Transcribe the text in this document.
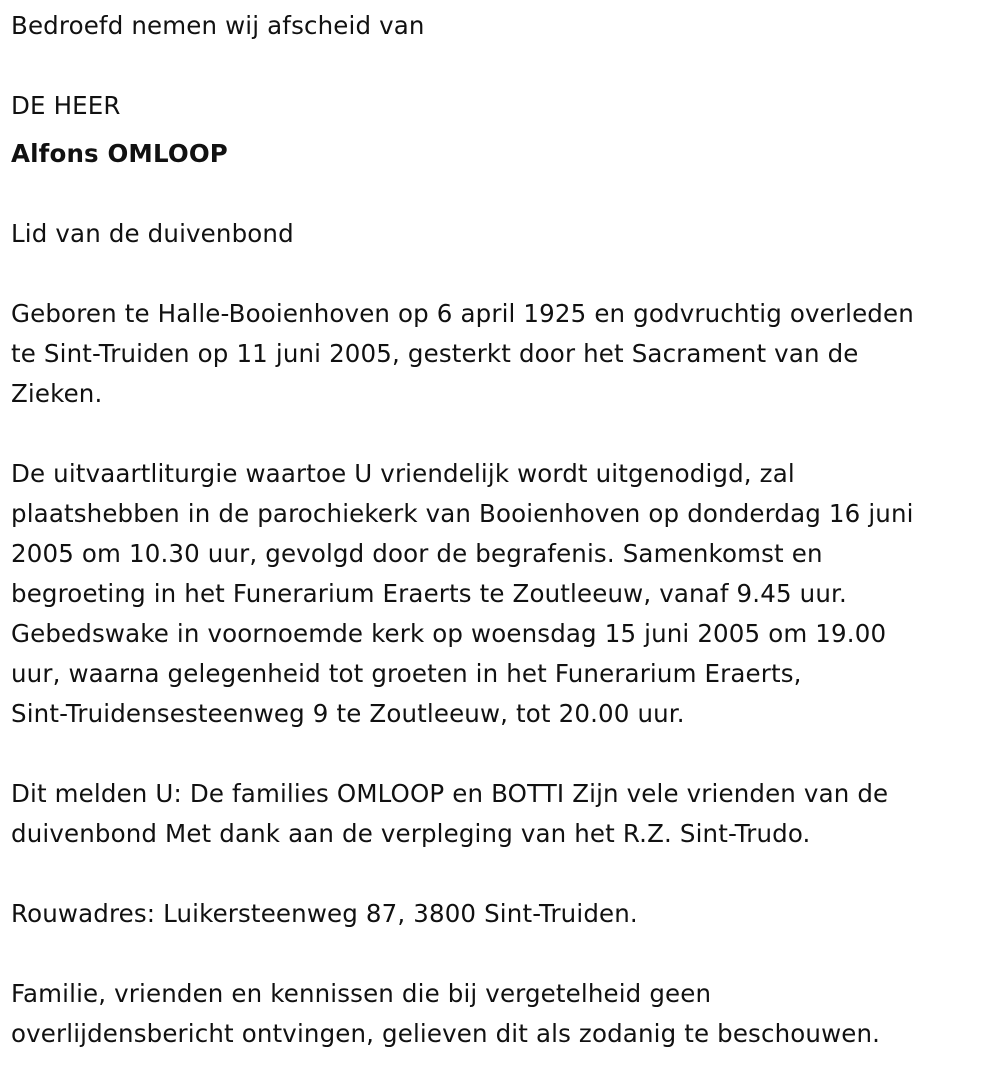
Bedroefd nemen wij afscheid van

DE HEER

Alfons OMLOOP

Lid van de duivenbond

Geboren te Halle-Booienhoven op 6 april 1925 en godvruchtig overleden
te Sint-Truiden op 11 juni 2005, gesterkt door het Sacrament van de
Zieken.

De uitvaartliturgie waartoe U vriendelijk wordt uitgenodigd, zal
plaatshebben in de parochiekerk van Booienhoven op donderdag 16 juni
2005 om 10.30 uur, gevolgd door de begrafenis. Samenkomst en
begroeting in het Funerarium Eraerts te Zoutleeuw, vanaf 9.45 uur.
Gebedswake in voornoemde kerk op woensdag 15 juni 2005 om 19.00
uur, waarna gelegenheid tot groeten in het Funerarium Eraerts,
Sint-Truidensesteenweg 9 te Zoutleeuw, tot 20.00 uur.

Dit melden U: De families OMLOOP en BOTTI Zijn vele vrienden van de
duivenbond Met dank aan de verpleging van het R.Z. Sint-Trudo.

Rouwadres: Luikersteenweg 87, 3800 Sint-Truiden.

Familie, vrienden en kennissen die bij vergetelheid geen
overlijdensbericht ontvingen, gelieven dit als zodanig te beschouwen.
